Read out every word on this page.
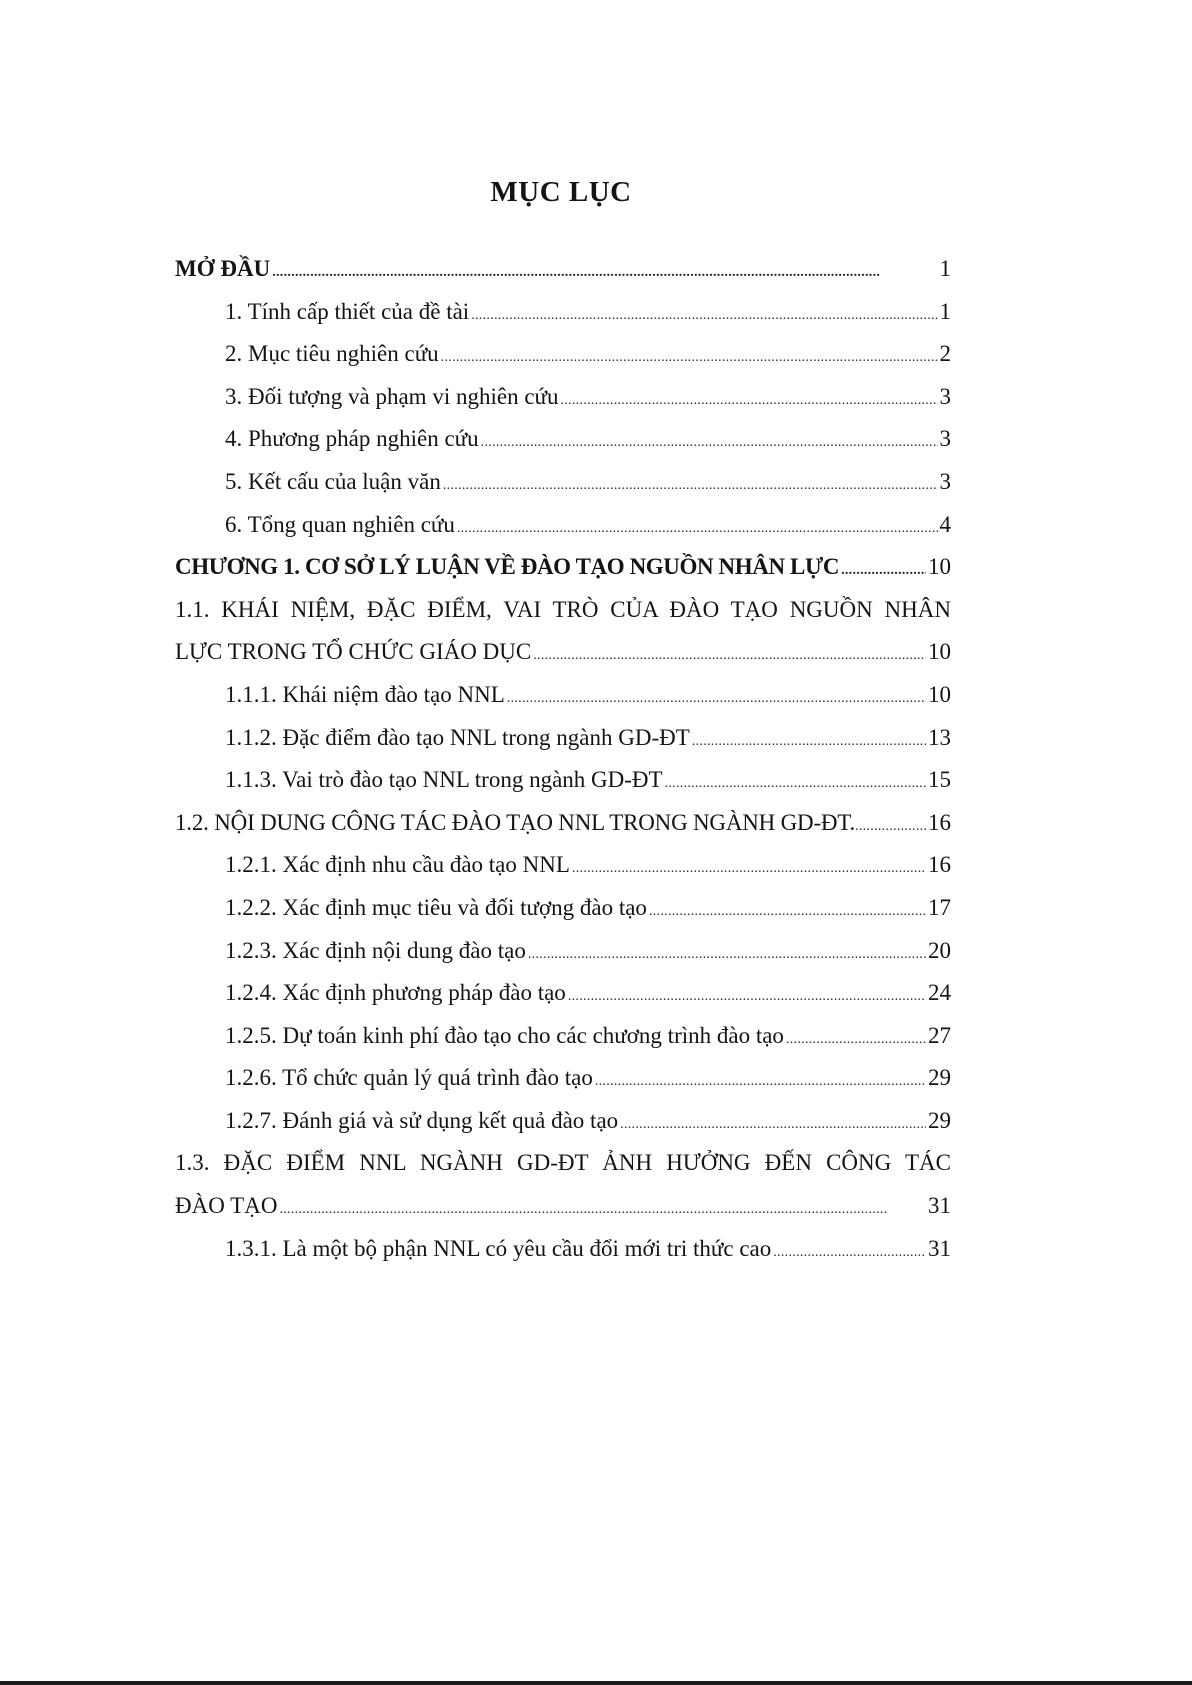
MỤC LỤC
MỞ ĐẦU . . .	1
1. Tính cấp thiết của đề tài . . .	1
2. Mục tiêu nghiên cứu . . .	2
3. Đối tượng và phạm vi nghiên cứu . . .	3
4. Phương pháp nghiên cứu . . .	3
5. Kết cấu của luận văn . . .	3
6. Tổng quan nghiên cứu . . .	4
CHƯƠNG 1. CƠ SỞ LÝ LUẬN VỀ ĐÀO TẠO NGUỒN NHÂN LỰC . . .	10
1.1. KHÁI NIỆM, ĐẶC ĐIỂM, VAI TRÒ CỦA ĐÀO TẠO NGUỒN NHÂN
LỰC TRONG TỔ CHỨC GIÁO DỤC . . .	10
1.1.1. Khái niệm đào tạo NNL . . .	10
1.1.2. Đặc điểm đào tạo NNL trong ngành GD-ĐT . . .	13
1.1.3. Vai trò đào tạo NNL trong ngành GD-ĐT . . .	15
1.2. NỘI DUNG CÔNG TÁC ĐÀO TẠO NNL TRONG NGÀNH GD-ĐT. . . .	16
1.2.1. Xác định nhu cầu đào tạo NNL . . .	16
1.2.2. Xác định mục tiêu và đối tượng đào tạo . . .	17
1.2.3. Xác định nội dung đào tạo . . .	20
1.2.4. Xác định phương pháp đào tạo . . .	24
1.2.5. Dự toán kinh phí đào tạo cho các chương trình đào tạo . . .	27
1.2.6. Tổ chức quản lý quá trình đào tạo . . .	29
1.2.7. Đánh giá và sử dụng kết quả đào tạo . . .	29
1.3. ĐẶC ĐIỂM NNL NGÀNH GD-ĐT ẢNH HƯỞNG ĐẾN CÔNG TÁC
ĐÀO TẠO . . .	31
1.3.1. Là một bộ phận NNL có yêu cầu đổi mới tri thức cao . . .	31
